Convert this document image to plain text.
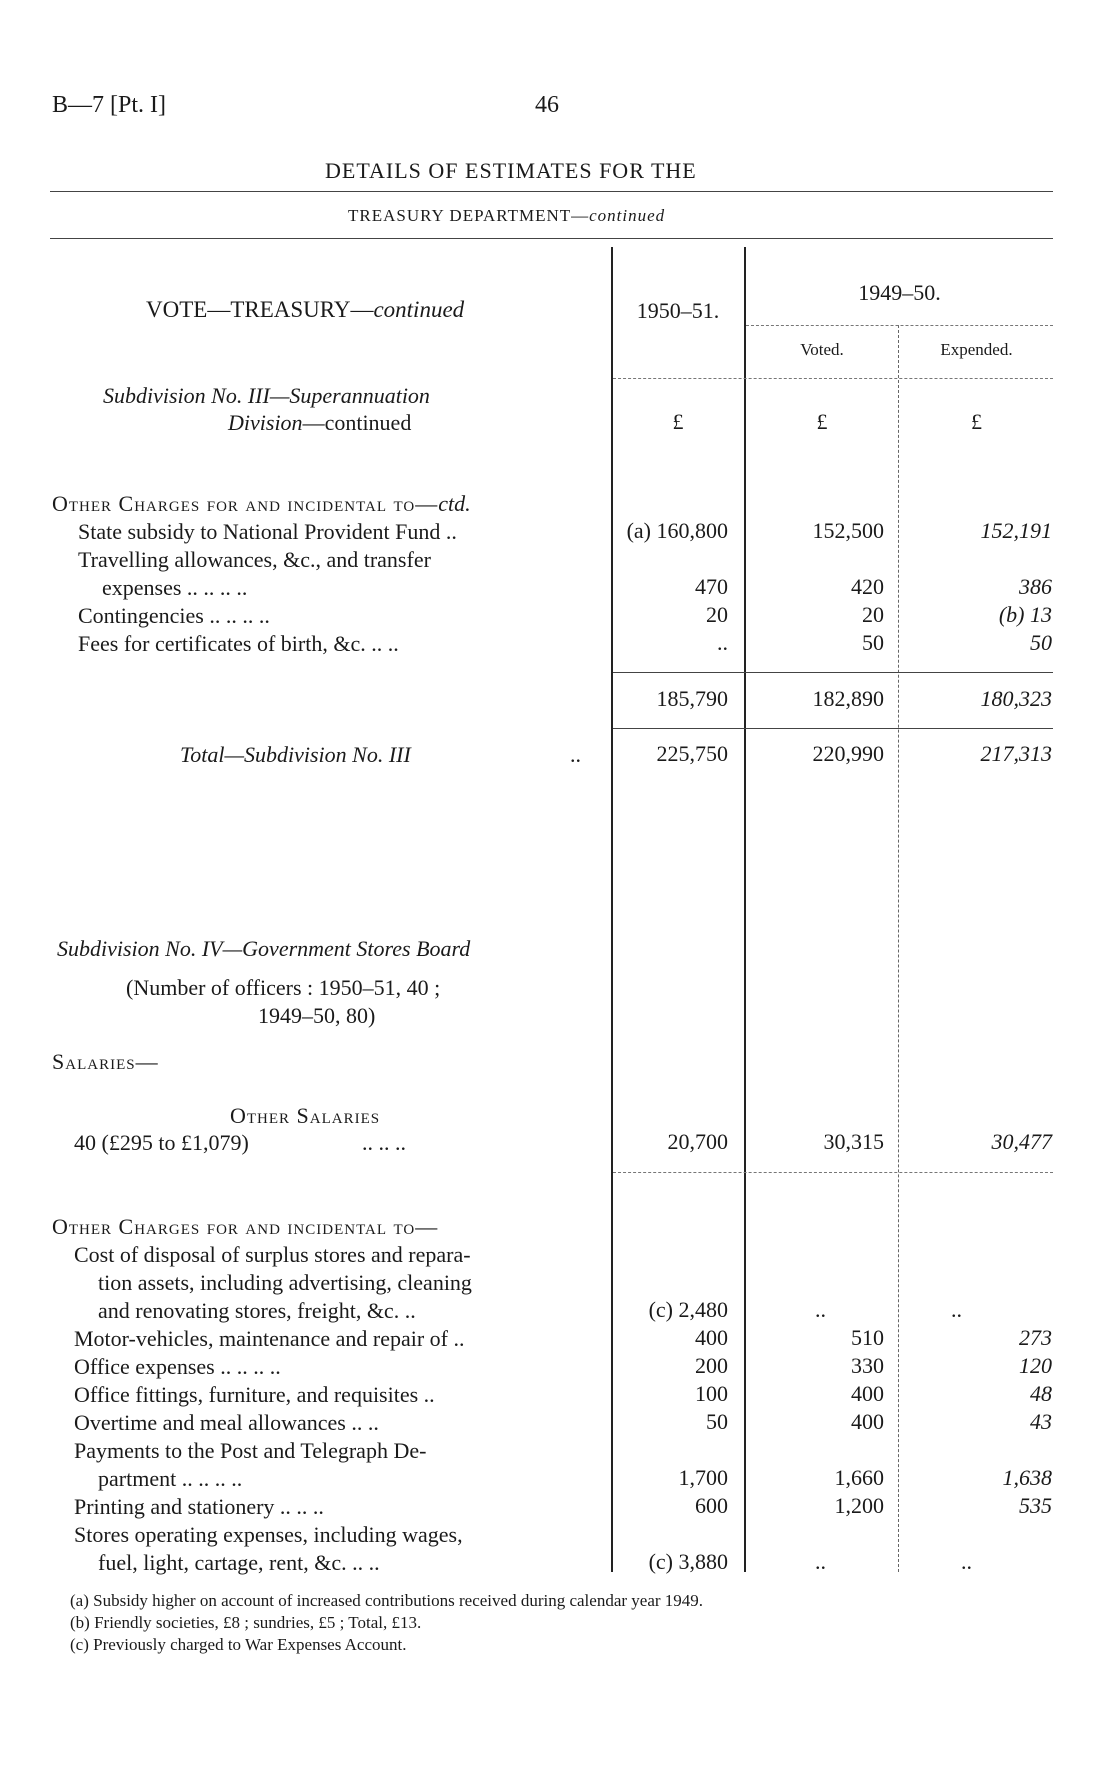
B—7 [Pt. I]	46
DETAILS OF ESTIMATES FOR THE
TREASURY DEPARTMENT—continued
VOTE—TREASURY—continued	1950–51.
1949–50.
Voted.	Expended.
Subdivision No. III—Superannuation
Division—continued	£	£	£
Other Charges for and incidental to—ctd.
State subsidy to National Provident Fund ..	(a) 160,800	152,500	152,191
Travelling allowances, &c., and transfer
expenses .. .. .. ..	470	420	386
Contingencies .. .. .. ..	20	20	(b) 13
Fees for certificates of birth, &c. .. ..	..	50	50
185,790	182,890	180,323
Total—Subdivision No. III	..	225,750	220,990	217,313
Subdivision No. IV—Government Stores Board
(Number of officers : 1950–51, 40 ;
1949–50, 80)
Salaries—
Other Salaries
40 (£295 to £1,079)	.. .. ..	20,700	30,315	30,477
Other Charges for and incidental to—
Cost of disposal of surplus stores and repara-
tion assets, including advertising, cleaning
and renovating stores, freight, &c. ..	(c) 2,480	..	..
Motor-vehicles, maintenance and repair of ..	400	510	273
Office expenses .. .. .. ..	200	330	120
Office fittings, furniture, and requisites ..	100	400	48
Overtime and meal allowances .. ..	50	400	43
Payments to the Post and Telegraph De-
partment .. .. .. ..	1,700	1,660	1,638
Printing and stationery .. .. ..	600	1,200	535
Stores operating expenses, including wages,
fuel, light, cartage, rent, &c. .. ..	(c) 3,880	..	..
(a) Subsidy higher on account of increased contributions received during calendar year 1949.
(b) Friendly societies, £8 ; sundries, £5 ; Total, £13.
(c) Previously charged to War Expenses Account.
